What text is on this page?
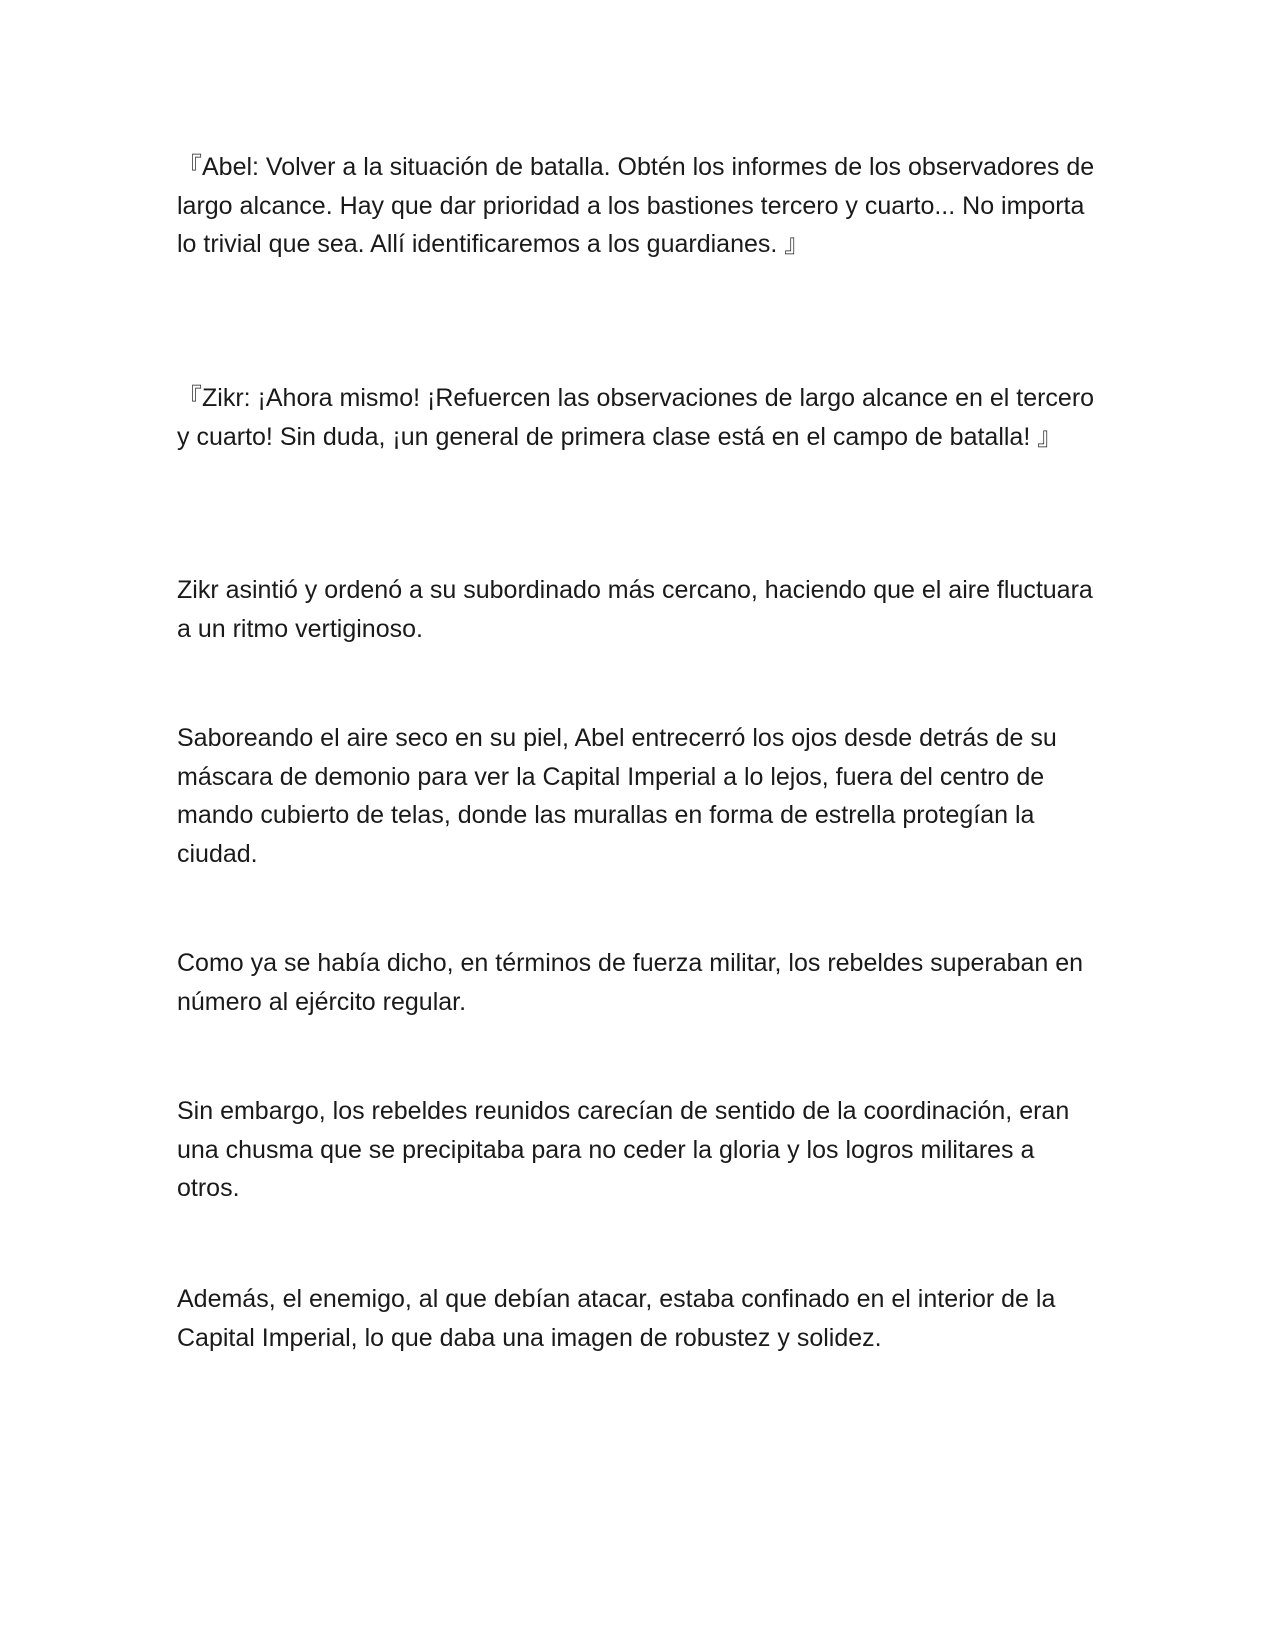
『Abel: Volver a la situación de batalla. Obtén los informes de los observadores de largo alcance. Hay que dar prioridad a los bastiones tercero y cuarto... No importa lo trivial que sea. Allí identificaremos a los guardianes. 』

『Zikr: ¡Ahora mismo! ¡Refuercen las observaciones de largo alcance en el tercero y cuarto! Sin duda, ¡un general de primera clase está en el campo de batalla! 』

Zikr asintió y ordenó a su subordinado más cercano, haciendo que el aire fluctuara a un ritmo vertiginoso.

Saboreando el aire seco en su piel, Abel entrecerró los ojos desde detrás de su máscara de demonio para ver la Capital Imperial a lo lejos, fuera del centro de mando cubierto de telas, donde las murallas en forma de estrella protegían la ciudad.

Como ya se había dicho, en términos de fuerza militar, los rebeldes superaban en número al ejército regular.

Sin embargo, los rebeldes reunidos carecían de sentido de la coordinación, eran una chusma que se precipitaba para no ceder la gloria y los logros militares a otros.

Además, el enemigo, al que debían atacar, estaba confinado en el interior de la Capital Imperial, lo que daba una imagen de robustez y solidez.
